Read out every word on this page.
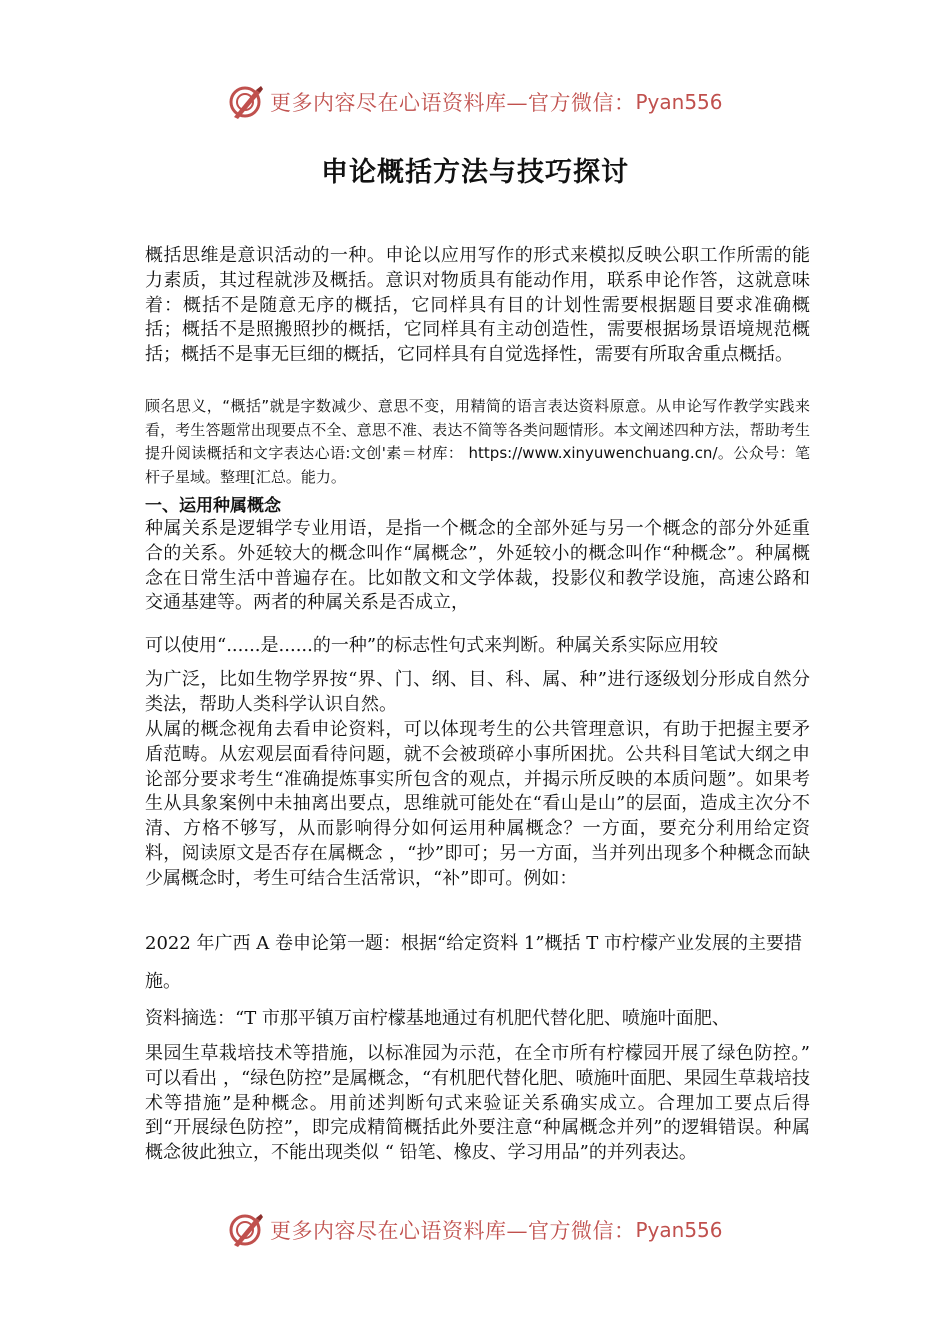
更多内容尽在心语资料库—官方微信： Pyan556
申论概括方法与技巧探讨
概括思维是意识活动的一种。申论以应用写作的形式来模拟反映公职工作所需的能力素质，其过程就涉及概括。意识对物质具有能动作用，联系申论作答，这就意味着：概括不是随意无序的概括，它同样具有目的计划性需要根据题目要求准确概括；概括不是照搬照抄的概括，它同样具有主动创造性，需要根据场景语境规范概括；概括不是事无巨细的概括，它同样具有自觉选择性，需要有所取舍重点概括。
顾名思义，“概括”就是字数减少、意思不变，用精简的语言表达资料原意。从申论写作教学实践来看，考生答题常出现要点不全、意思不准、表达不简等各类问题情形。本文阐述四种方法，帮助考生提升阅读概括和文字表达心语:文创'素＝材库： https://www.xinyuwenchuang.cn/。公众号：笔杆子星域。整理[汇总。能力。
一、运用种属概念
种属关系是逻辑学专业用语，是指一个概念的全部外延与另一个概念的部分外延重合的关系。外延较大的概念叫作“属概念”，外延较小的概念叫作“种概念”。种属概念在日常生活中普遍存在。比如散文和文学体裁，投影仪和教学设施，高速公路和交通基建等。两者的种属关系是否成立，
可以使用“......是......的一种”的标志性句式来判断。种属关系实际应用较
为广泛，比如生物学界按“界、门、纲、目、科、属、种”进行逐级划分形成自然分类法，帮助人类科学认识自然。
从属的概念视角去看申论资料，可以体现考生的公共管理意识，有助于把握主要矛盾范畴。从宏观层面看待问题，就不会被琐碎小事所困扰。公共科目笔试大纲之申论部分要求考生“准确提炼事实所包含的观点，并揭示所反映的本质问题”。如果考生从具象案例中未抽离出要点，思维就可能处在“看山是山”的层面，造成主次分不清、方格不够写，从而影响得分如何运用种属概念？一方面，要充分利用给定资料，阅读原文是否存在属概念 ，“抄”即可；另一方面，当并列出现多个种概念而缺少属概念时，考生可结合生活常识，“补”即可。例如：
2022 年广西 A 卷申论第一题：根据“给定资料 1”概括 T 市柠檬产业发展的主要措施。
资料摘选：“T 市那平镇万亩柠檬基地通过有机肥代替化肥、喷施叶面肥、
果园生草栽培技术等措施，以标准园为示范，在全市所有柠檬园开展了绿色防控。” 可以看出 ，“绿色防控”是属概念，“有机肥代替化肥、喷施叶面肥、果园生草栽培技术等措施”是种概念。用前述判断句式来验证关系确实成立。合理加工要点后得到“开展绿色防控”，即完成精简概括此外要注意“种属概念并列”的逻辑错误。种属概念彼此独立，不能出现类似 “ 铅笔、橡皮、学习用品”的并列表达。
更多内容尽在心语资料库—官方微信： Pyan556
